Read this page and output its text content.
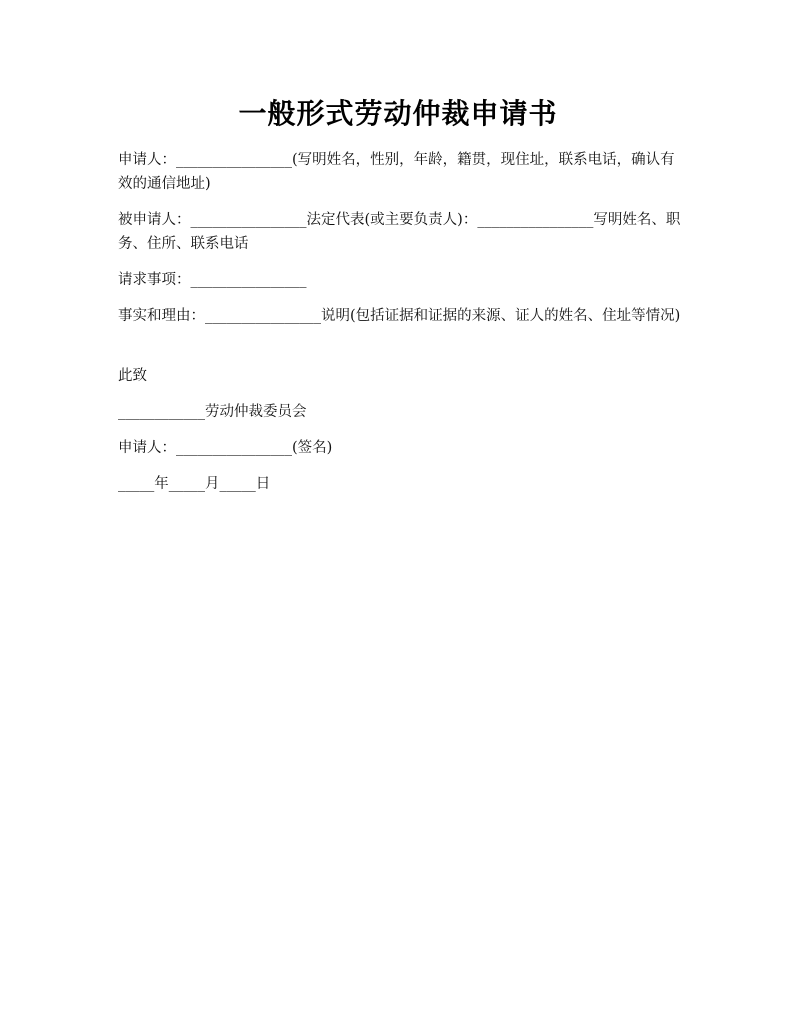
一般形式劳动仲裁申请书
申请人：________________(写明姓名，性别，年龄，籍贯，现住址，联系电话，确认有效的通信地址)
被申请人：________________法定代表(或主要负责人)：________________写明姓名、职务、住所、联系电话
请求事项：________________
事实和理由：________________说明(包括证据和证据的来源、证人的姓名、住址等情况)
此致
____________劳动仲裁委员会
申请人：________________(签名)
_____年_____月_____日
